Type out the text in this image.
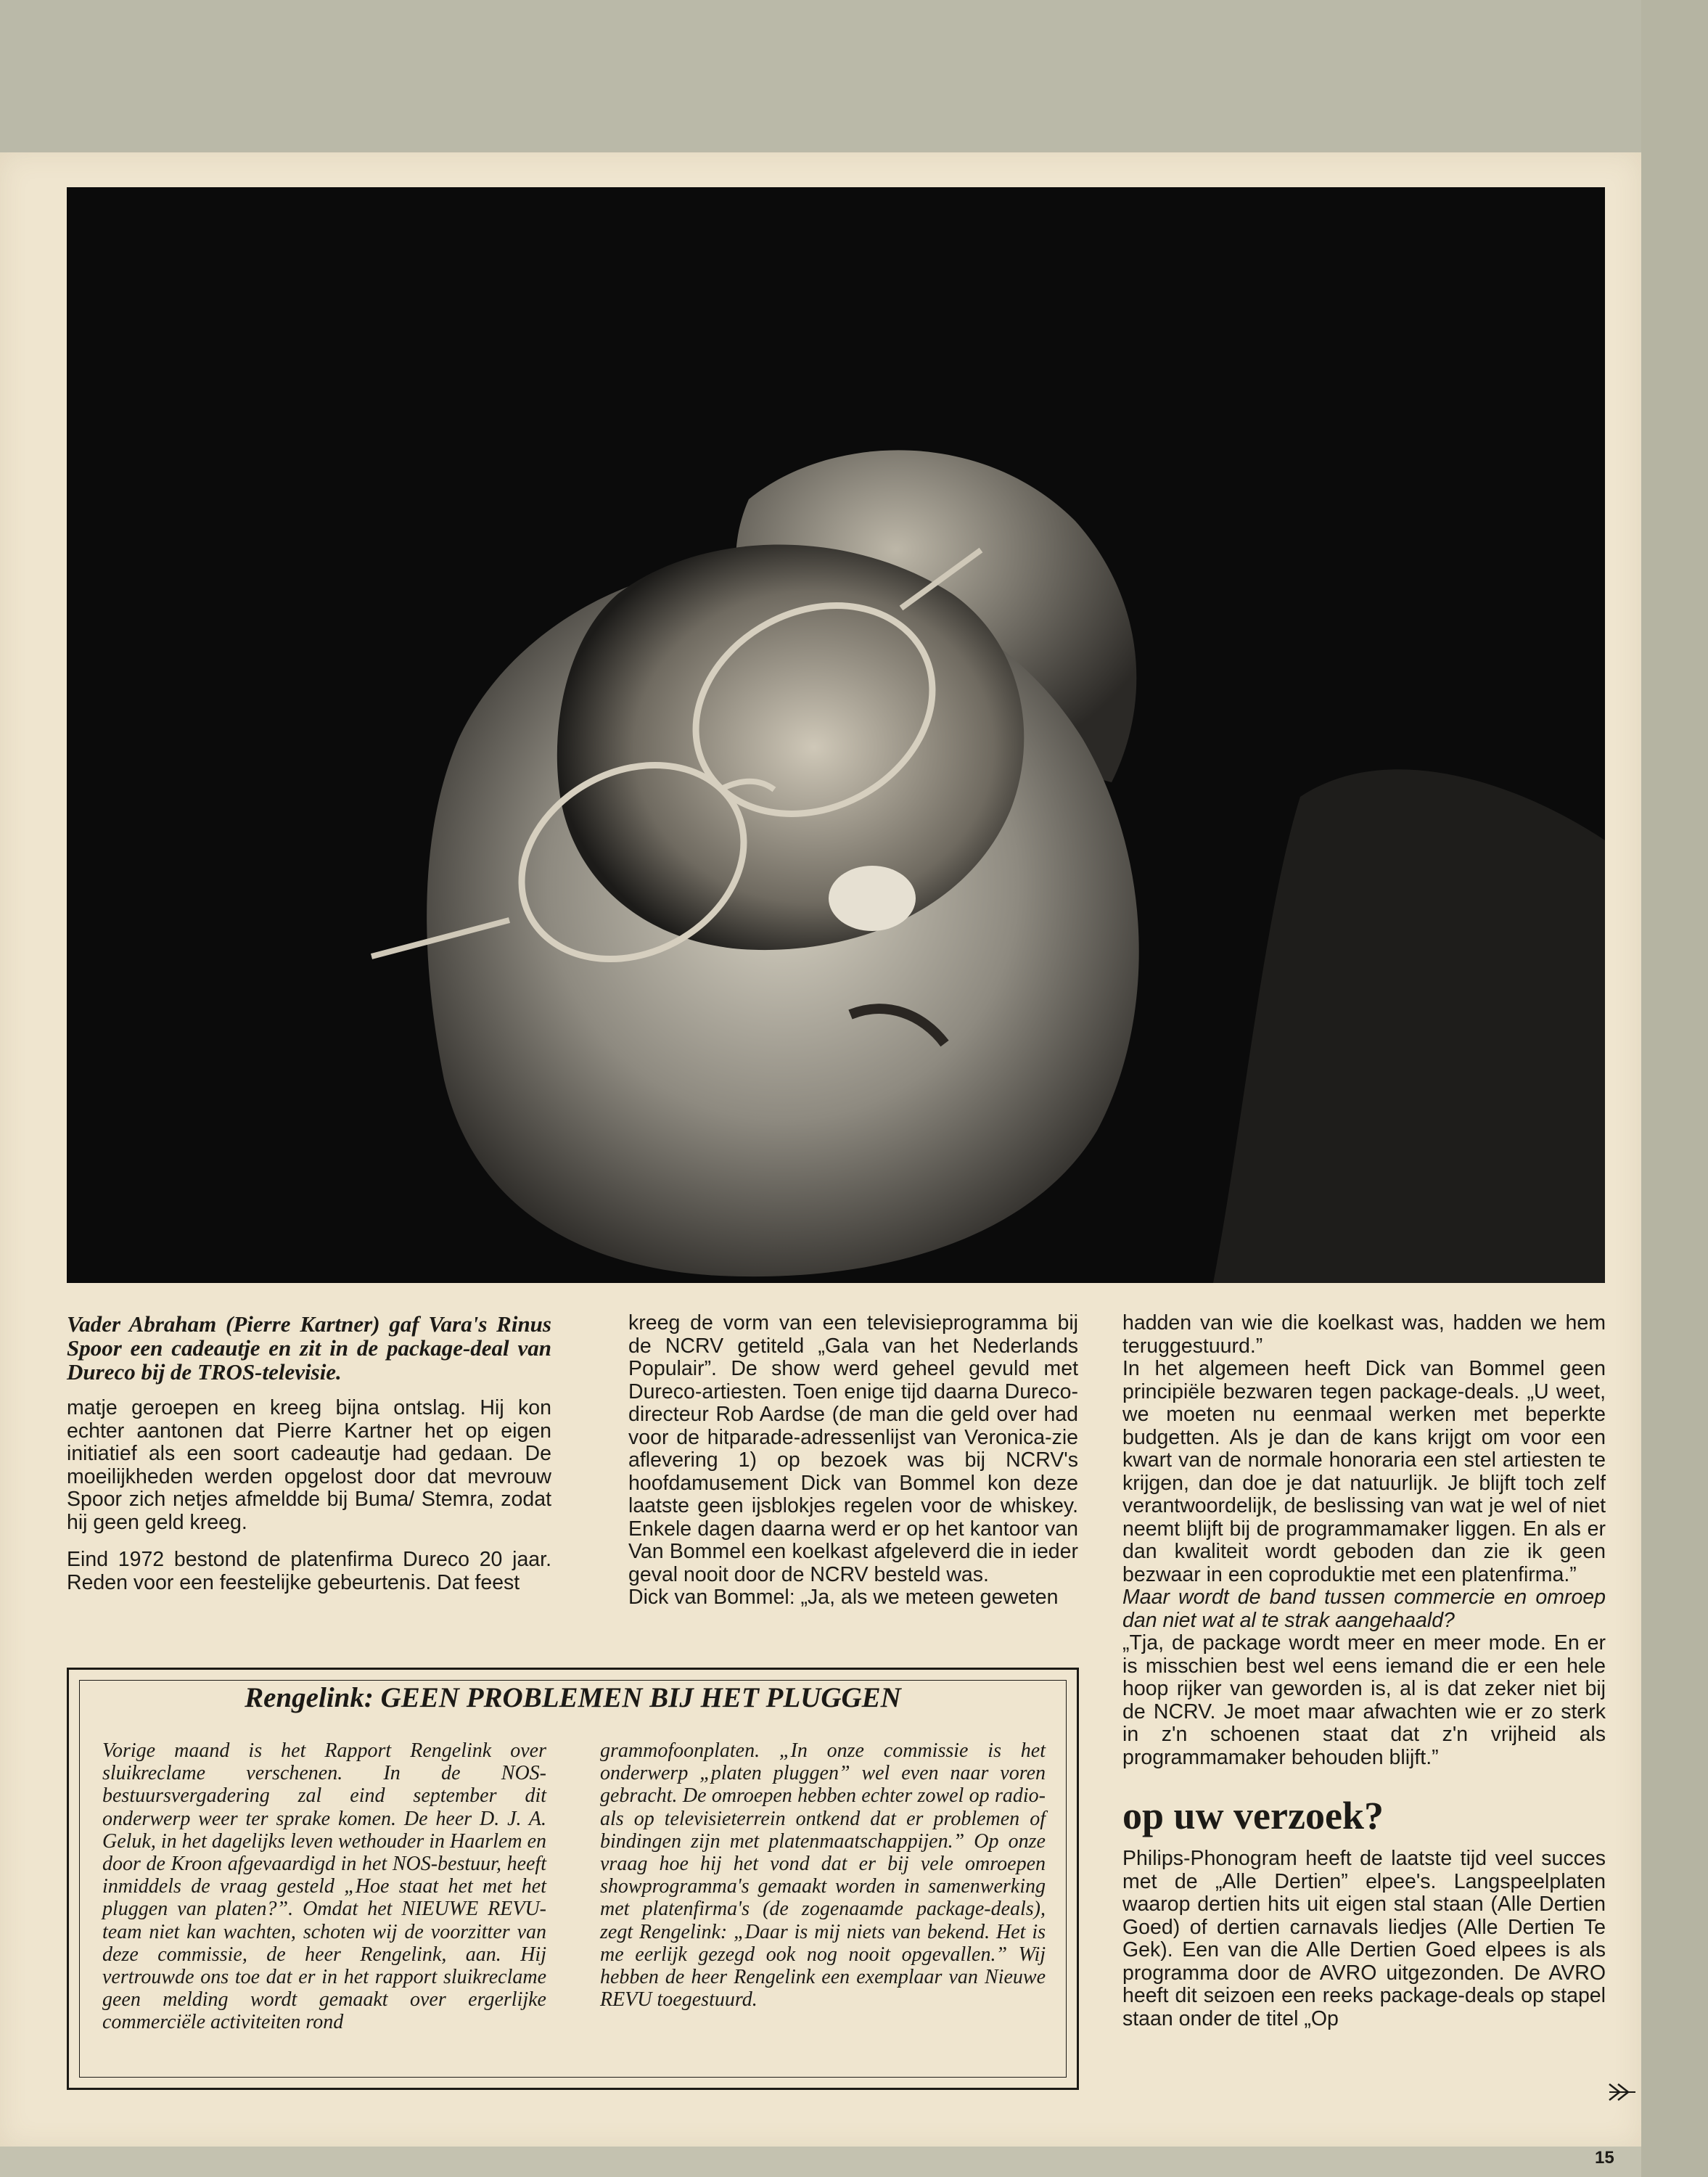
Vader Abraham (Pierre Kartner) gaf Vara's Rinus Spoor een cadeautje en zit in de package-deal van Dureco bij de TROS-televisie.

matje geroepen en kreeg bijna ontslag. Hij kon echter aantonen dat Pierre Kartner het op eigen initiatief als een soort cadeautje had gedaan. De moeilijkheden werden opgelost door dat mevrouw Spoor zich netjes afmeldde bij Buma/ Stemra, zodat hij geen geld kreeg.

Eind 1972 bestond de platenfirma Dureco 20 jaar. Reden voor een feestelijke gebeurtenis. Dat feest

kreeg de vorm van een televisieprogramma bij de NCRV getiteld „Gala van het Nederlands Populair”. De show werd geheel gevuld met Dureco-artiesten. Toen enige tijd daarna Dureco-directeur Rob Aardse (de man die geld over had voor de hitparade-adressenlijst van Veronica-zie aflevering 1) op bezoek was bij NCRV's hoofdamusement Dick van Bommel kon deze laatste geen ijsblokjes regelen voor de whiskey. Enkele dagen daarna werd er op het kantoor van Van Bommel een koelkast afgeleverd die in ieder geval nooit door de NCRV besteld was.

Dick van Bommel: „Ja, als we meteen geweten

hadden van wie die koelkast was, hadden we hem teruggestuurd.”

In het algemeen heeft Dick van Bommel geen principiële bezwaren tegen package-deals. „U weet, we moeten nu eenmaal werken met beperkte budgetten. Als je dan de kans krijgt om voor een kwart van de normale honoraria een stel artiesten te krijgen, dan doe je dat natuurlijk. Je blijft toch zelf verantwoordelijk, de beslissing van wat je wel of niet neemt blijft bij de programmamaker liggen. En als er dan kwaliteit wordt geboden dan zie ik geen bezwaar in een coproduktie met een platenfirma.”

Maar wordt de band tussen commercie en omroep dan niet wat al te strak aangehaald?

„Tja, de package wordt meer en meer mode. En er is misschien best wel eens iemand die er een hele hoop rijker van geworden is, al is dat zeker niet bij de NCRV. Je moet maar afwachten wie er zo sterk in z'n schoenen staat dat z'n vrijheid als programmamaker behouden blijft.”

op uw verzoek?

Philips-Phonogram heeft de laatste tijd veel succes met de „Alle Dertien” elpee's. Langspeelplaten waarop dertien hits uit eigen stal staan (Alle Dertien Goed) of dertien carnavals liedjes (Alle Dertien Te Gek). Een van die Alle Dertien Goed elpees is als programma door de AVRO uitgezonden. De AVRO heeft dit seizoen een reeks package-deals op stapel staan onder de titel „Op

Rengelink: GEEN PROBLEMEN BIJ HET PLUGGEN
Vorige maand is het Rapport Rengelink over sluikreclame verschenen. In de NOS-bestuursvergadering zal eind september dit onderwerp weer ter sprake komen. De heer D. J. A. Geluk, in het dagelijks leven wethouder in Haarlem en door de Kroon afgevaardigd in het NOS-bestuur, heeft inmiddels de vraag gesteld „Hoe staat het met het pluggen van platen?”. Omdat het NIEUWE REVU-team niet kan wachten, schoten wij de voorzitter van deze commissie, de heer Rengelink, aan. Hij vertrouwde ons toe dat er in het rapport sluikreclame geen melding wordt gemaakt over ergerlijke commerciële activiteiten rond
grammofoonplaten. „In onze commissie is het onderwerp „platen pluggen” wel even naar voren gebracht. De omroepen hebben echter zowel op radio- als op televisieterrein ontkend dat er problemen of bindingen zijn met platenmaatschappijen.” Op onze vraag hoe hij het vond dat er bij vele omroepen showprogramma's gemaakt worden in samenwerking met platenfirma's (de zogenaamde package-deals), zegt Rengelink: „Daar is mij niets van bekend. Het is me eerlijk gezegd ook nog nooit opgevallen.” Wij hebben de heer Rengelink een exemplaar van Nieuwe REVU toegestuurd.
15
